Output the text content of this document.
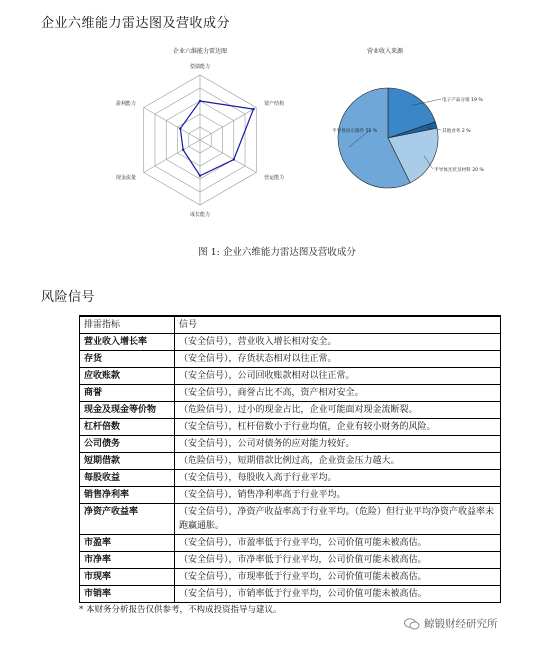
企业六维能力雷达图及营收成分
企业六维能力雷达图
偿债能力
资产结构
营运能力
成长能力
现金流量
盈利能力
营业收入来源
电子产品分销 19 %
其他业务 2 %
半导体光伏及材料 20 %
半导体显示器件 55 %
图 1: 企业六维能力雷达图及营收成分
风险信号
排雷指标	信号
营业收入增长率	（安全信号），营业收入增长相对安全。
存货	（安全信号），存货状态相对以往正常。
应收账款	（安全信号），公司回收账款相对以往正常。
商誉	（安全信号），商誉占比不高，资产相对安全。
现金及现金等价物	（危险信号），过小的现金占比，企业可能面对现金流断裂。
杠杆倍数	（安全信号），杠杆倍数小于行业均值，企业有较小财务的风险。
公司债务	（安全信号），公司对债务的应对能力较好。
短期借款	（危险信号），短期借款比例过高，企业资金压力越大。
每股收益	（安全信号），每股收入高于行业平均。
销售净利率	（安全信号），销售净利率高于行业平均。
净资产收益率	（安全信号），净资产收益率高于行业平均。（危险）但行业平均净资产收益率未跑赢通胀。
市盈率	（安全信号），市盈率低于行业平均，公司价值可能未被高估。
市净率	（安全信号），市净率低于行业平均，公司价值可能未被高估。
市现率	（安全信号），市现率低于行业平均，公司价值可能未被高估。
市销率	（安全信号），市销率低于行业平均，公司价值可能未被高估。
* 本财务分析报告仅供参考，不构成投资指导与建议。
鲸锻财经研究所
